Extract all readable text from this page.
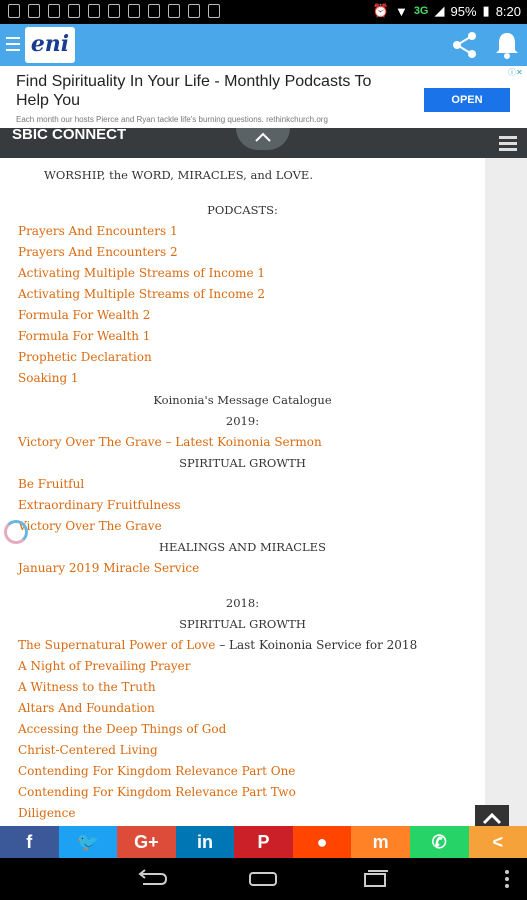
⏰ ▼ 3G ◢ 95% ▮ 8:20
eni
Find Spirituality In Your Life - Monthly Podcasts To Help You
Each month our hosts Pierce and Ryan tackle life's burning questions. rethinkchurch.org
OPEN
ⓘ✕
SBIC CONNECT
WORSHIP, the WORD, MIRACLES, and LOVE.
PODCASTS:
Prayers And Encounters 1
Prayers And Encounters 2
Activating Multiple Streams of Income 1
Activating Multiple Streams of Income 2
Formula For Wealth 2
Formula For Wealth 1
Prophetic Declaration
Soaking 1
Koinonia's Message Catalogue
2019:
Victory Over The Grave – Latest Koinonia Sermon
SPIRITUAL GROWTH
Be Fruitful
Extraordinary Fruitfulness
Victory Over The Grave
HEALINGS AND MIRACLES
January 2019 Miracle Service
2018:
SPIRITUAL GROWTH
The Supernatural Power of Love – Last Koinonia Service for 2018
A Night of Prevailing Prayer
A Witness to the Truth
Altars And Foundation
Accessing the Deep Things of God
Christ-Centered Living
Contending For Kingdom Relevance Part One
Contending For Kingdom Relevance Part Two
Diligence
f 🐦 G+ in P	●	m ✆	<
